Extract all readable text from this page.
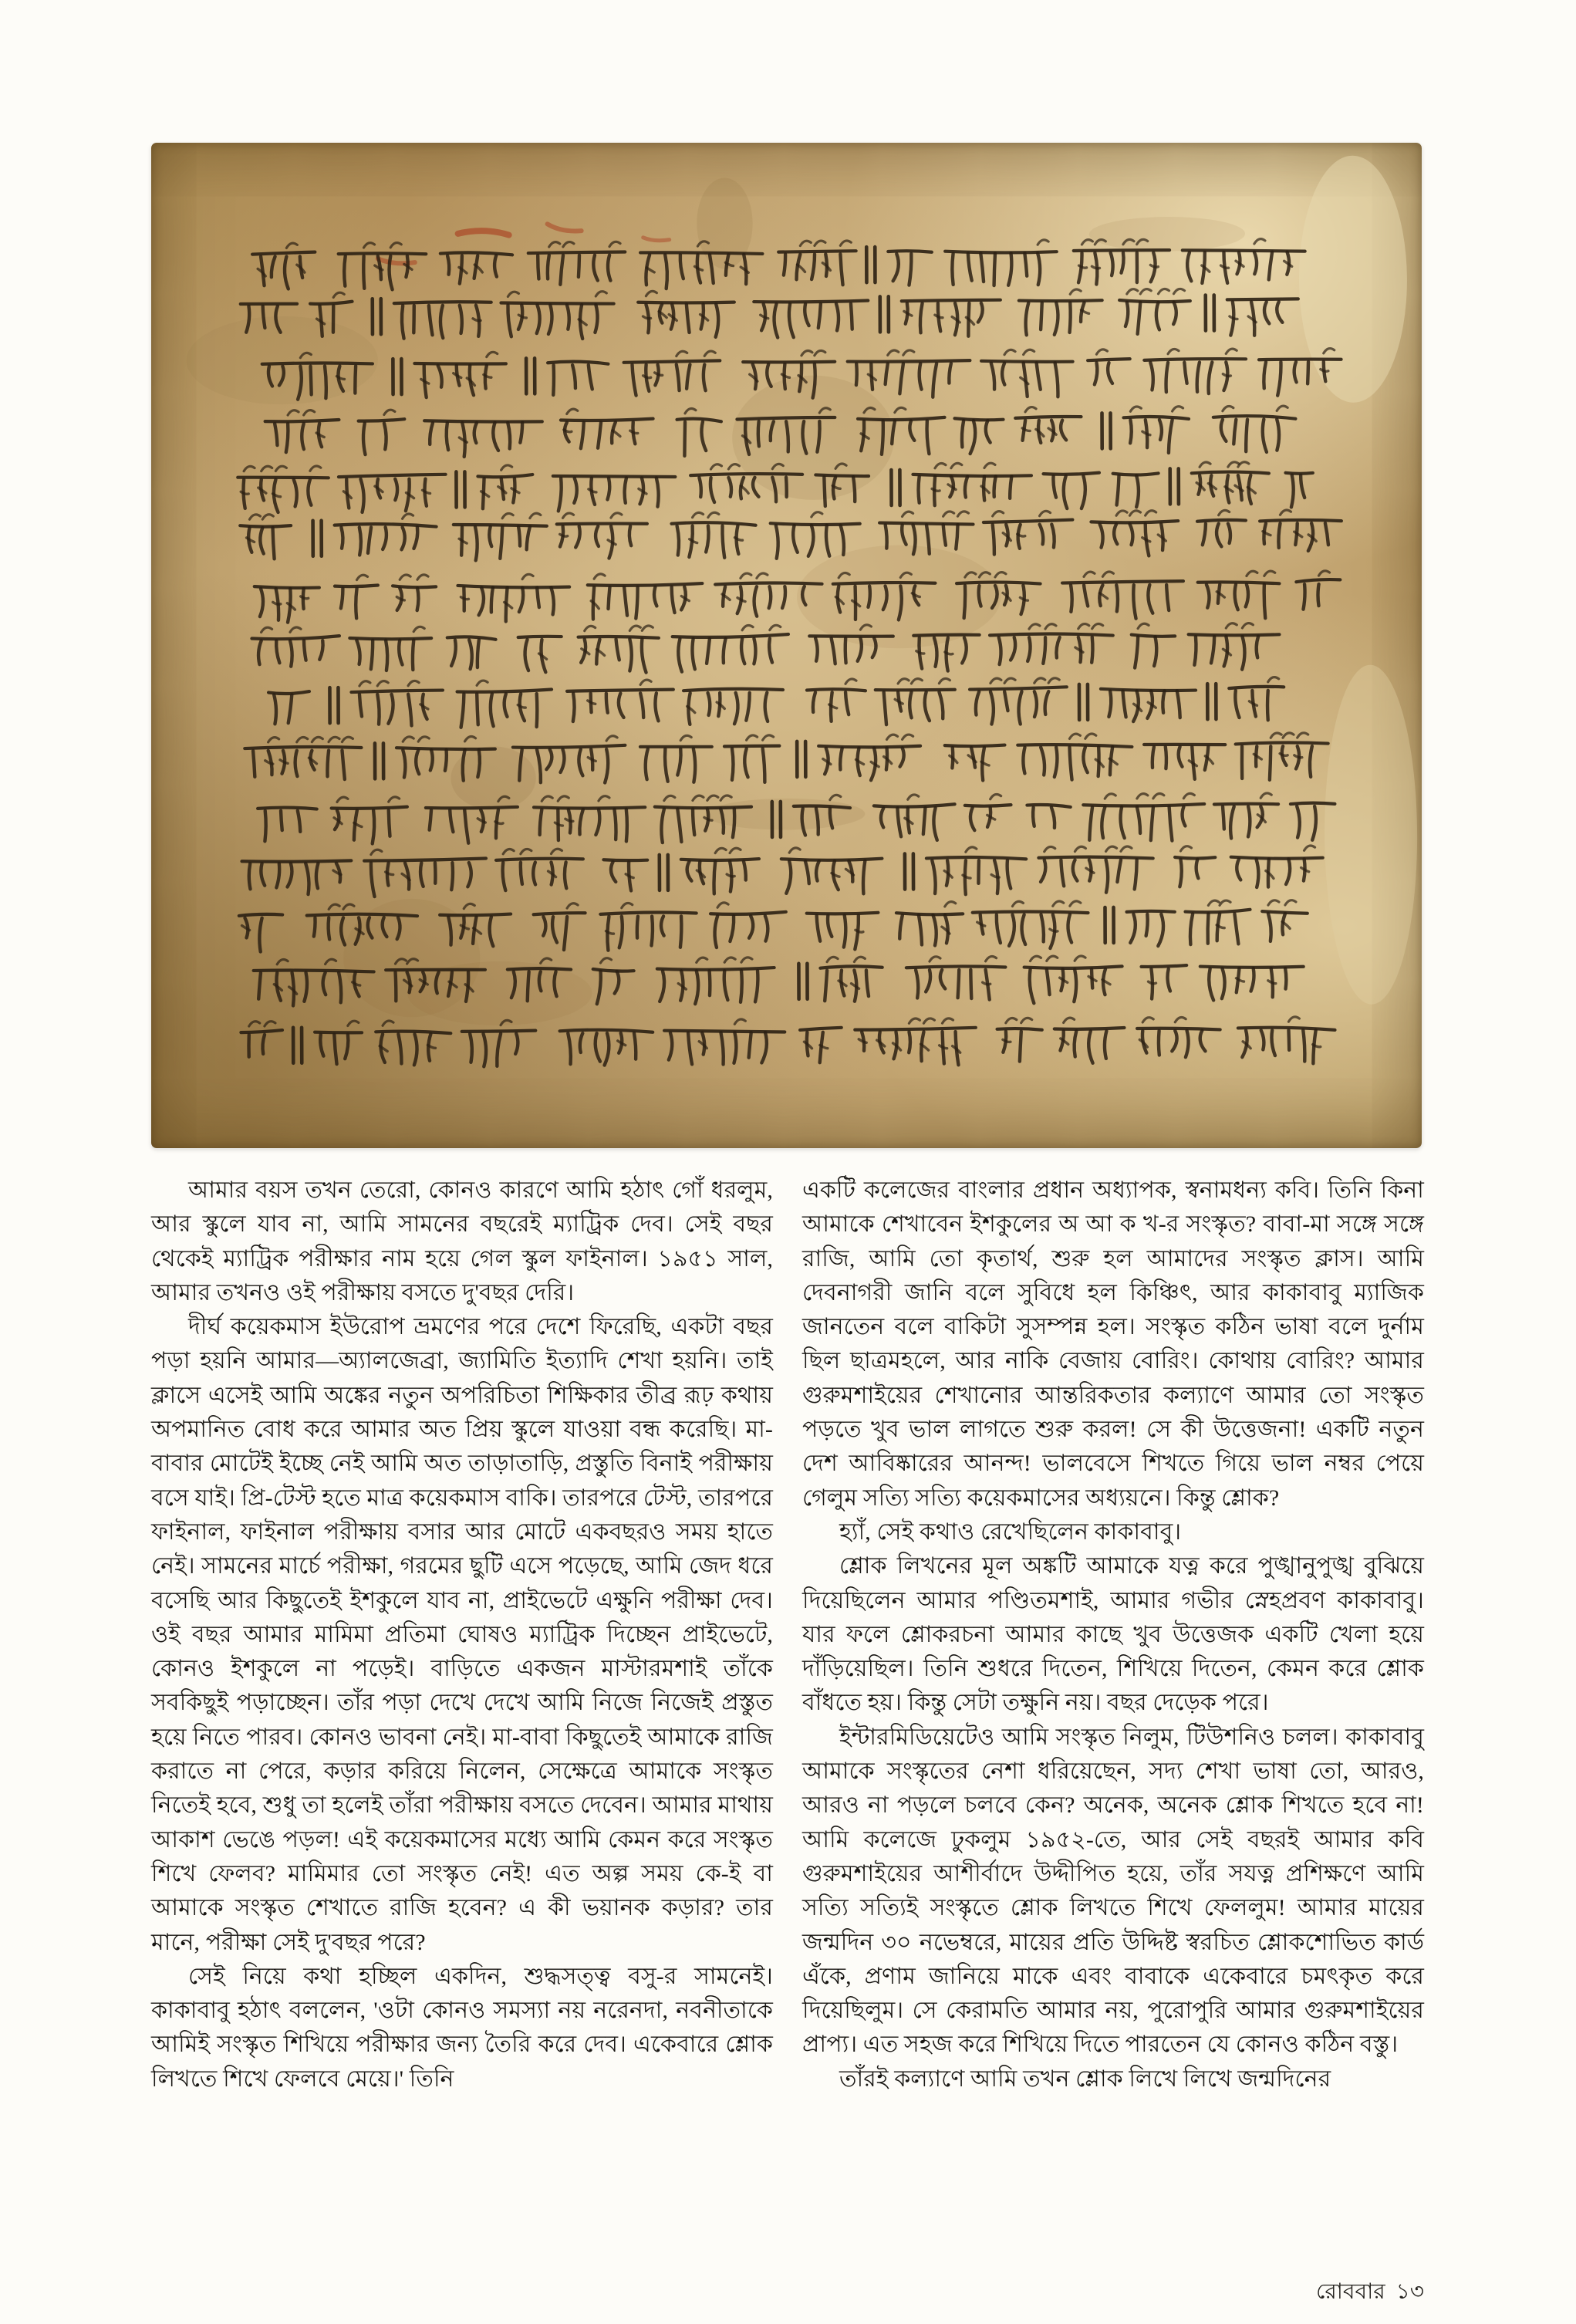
আমার বয়স তখন তেরো, কোনও কারণে আমি হঠাৎ গোঁ ধরলুম, আর স্কুলে যাব না, আমি সামনের বছরেই ম্যাট্রিক দেব। সেই বছর থেকেই ম্যাট্রিক পরীক্ষার নাম হয়ে গেল স্কুল ফাইনাল। ১৯৫১ সাল, আমার তখনও ওই পরীক্ষায় বসতে দু'বছর দেরি।

দীর্ঘ কয়েকমাস ইউরোপ ভ্রমণের পরে দেশে ফিরেছি, একটা বছর পড়া হয়নি আমার—অ্যালজেব্রা, জ্যামিতি ইত্যাদি শেখা হয়নি। তাই ক্লাসে এসেই আমি অঙ্কের নতুন অপরিচিতা শিক্ষিকার তীব্র রূঢ় কথায় অপমানিত বোধ করে আমার অত প্রিয় স্কুলে যাওয়া বন্ধ করেছি। মা-বাবার মোটেই ইচ্ছে নেই আমি অত তাড়াতাড়ি, প্রস্তুতি বিনাই পরীক্ষায় বসে যাই। প্রি-টেস্ট হতে মাত্র কয়েকমাস বাকি। তারপরে টেস্ট, তারপরে ফাইনাল, ফাইনাল পরীক্ষায় বসার আর মোটে একবছরও সময় হাতে নেই। সামনের মার্চে পরীক্ষা, গরমের ছুটি এসে পড়েছে, আমি জেদ ধরে বসেছি আর কিছুতেই ইশকুলে যাব না, প্রাইভেটে এক্ষুনি পরীক্ষা দেব। ওই বছর আমার মামিমা প্রতিমা ঘোষও ম্যাট্রিক দিচ্ছেন প্রাইভেটে, কোনও ইশকুলে না পড়েই। বাড়িতে একজন মাস্টারমশাই তাঁকে সবকিছুই পড়াচ্ছেন। তাঁর পড়া দেখে দেখে আমি নিজে নিজেই প্রস্তুত হয়ে নিতে পারব। কোনও ভাবনা নেই। মা-বাবা কিছুতেই আমাকে রাজি করাতে না পেরে, কড়ার করিয়ে নিলেন, সেক্ষেত্রে আমাকে সংস্কৃত নিতেই হবে, শুধু তা হলেই তাঁরা পরীক্ষায় বসতে দেবেন। আমার মাথায় আকাশ ভেঙে পড়ল! এই কয়েকমাসের মধ্যে আমি কেমন করে সংস্কৃত শিখে ফেলব? মামিমার তো সংস্কৃত নেই! এত অল্প সময় কে-ই বা আমাকে সংস্কৃত শেখাতে রাজি হবেন? এ কী ভয়ানক কড়ার? তার মানে, পরীক্ষা সেই দু'বছর পরে?

সেই নিয়ে কথা হচ্ছিল একদিন, শুদ্ধসত্ত্ব বসু-র সামনেই। কাকাবাবু হঠাৎ বললেন, 'ওটা কোনও সমস্যা নয় নরেনদা, নবনীতাকে আমিই সংস্কৃত শিখিয়ে পরীক্ষার জন্য তৈরি করে দেব। একেবারে শ্লোক লিখতে শিখে ফেলবে মেয়ে।' তিনি

একটি কলেজের বাংলার প্রধান অধ্যাপক, স্বনামধন্য কবি। তিনি কিনা আমাকে শেখাবেন ইশকুলের অ আ ক খ-র সংস্কৃত? বাবা-মা সঙ্গে সঙ্গে রাজি, আমি তো কৃতার্থ, শুরু হল আমাদের সংস্কৃত ক্লাস। আমি দেবনাগরী জানি বলে সুবিধে হল কিঞ্চিৎ, আর কাকাবাবু ম্যাজিক জানতেন বলে বাকিটা সুসম্পন্ন হল। সংস্কৃত কঠিন ভাষা বলে দুর্নাম ছিল ছাত্রমহলে, আর নাকি বেজায় বোরিং। কোথায় বোরিং? আমার গুরুমশাইয়ের শেখানোর আন্তরিকতার কল্যাণে আমার তো সংস্কৃত পড়তে খুব ভাল লাগতে শুরু করল! সে কী উত্তেজনা! একটি নতুন দেশ আবিষ্কারের আনন্দ! ভালবেসে শিখতে গিয়ে ভাল নম্বর পেয়ে গেলুম সত্যি সত্যি কয়েকমাসের অধ্যয়নে। কিন্তু শ্লোক?

হ্যাঁ, সেই কথাও রেখেছিলেন কাকাবাবু।

শ্লোক লিখনের মূল অঙ্কটি আমাকে যত্ন করে পুঙ্খানুপুঙ্খ বুঝিয়ে দিয়েছিলেন আমার পণ্ডিতমশাই, আমার গভীর স্নেহপ্রবণ কাকাবাবু। যার ফলে শ্লোকরচনা আমার কাছে খুব উত্তেজক একটি খেলা হয়ে দাঁড়িয়েছিল। তিনি শুধরে দিতেন, শিখিয়ে দিতেন, কেমন করে শ্লোক বাঁধতে হয়। কিন্তু সেটা তক্ষুনি নয়। বছর দেড়েক পরে।

ইন্টারমিডিয়েটেও আমি সংস্কৃত নিলুম, টিউশনিও চলল। কাকাবাবু আমাকে সংস্কৃতের নেশা ধরিয়েছেন, সদ্য শেখা ভাষা তো, আরও, আরও না পড়লে চলবে কেন? অনেক, অনেক শ্লোক শিখতে হবে না! আমি কলেজে ঢুকলুম ১৯৫২-তে, আর সেই বছরই আমার কবি গুরুমশাইয়ের আশীর্বাদে উদ্দীপিত হয়ে, তাঁর সযত্ন প্রশিক্ষণে আমি সত্যি সত্যিই সংস্কৃতে শ্লোক লিখতে শিখে ফেললুম! আমার মায়ের জন্মদিন ৩০ নভেম্বরে, মায়ের প্রতি উদ্দিষ্ট স্বরচিত শ্লোকশোভিত কার্ড এঁকে, প্রণাম জানিয়ে মাকে এবং বাবাকে একেবারে চমৎকৃত করে দিয়েছিলুম। সে কেরামতি আমার নয়, পুরোপুরি আমার গুরুমশাইয়ের প্রাপ্য। এত সহজ করে শিখিয়ে দিতে পারতেন যে কোনও কঠিন বস্তু।

তাঁরই কল্যাণে আমি তখন শ্লোক লিখে লিখে জন্মদিনের

রোববার ১৩
